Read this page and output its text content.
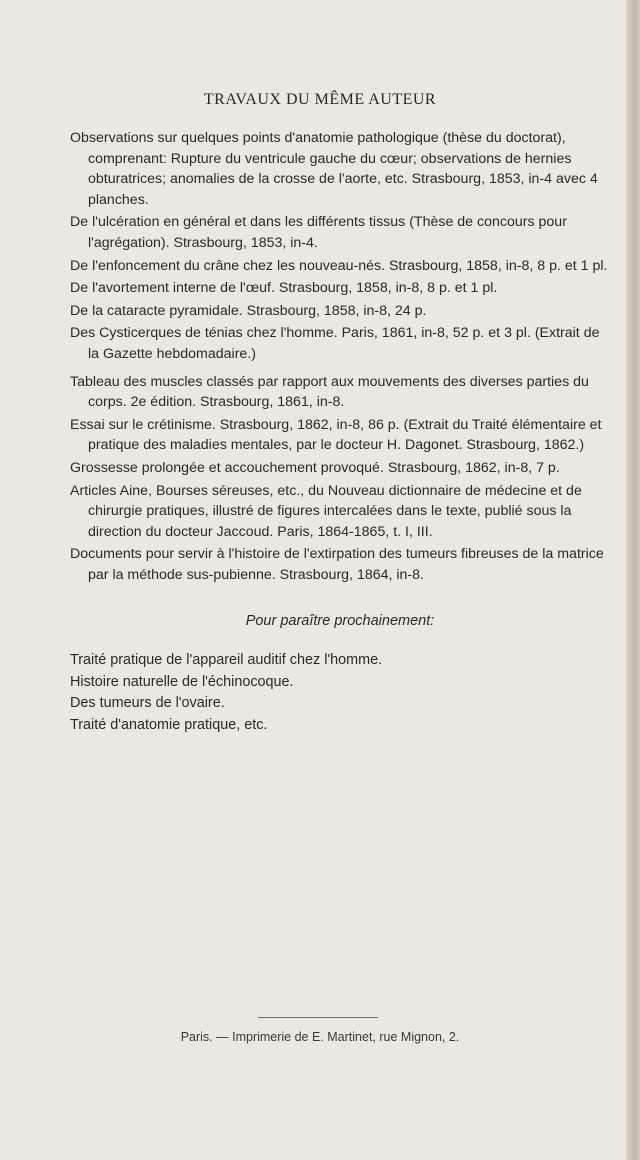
TRAVAUX DU MÊME AUTEUR
Observations sur quelques points d'anatomie pathologique (thèse du doctorat), comprenant: Rupture du ventricule gauche du cœur; observations de hernies obturatrices; anomalies de la crosse de l'aorte, etc. Strasbourg, 1853, in-4 avec 4 planches.
De l'ulcération en général et dans les différents tissus (Thèse de concours pour l'agrégation). Strasbourg, 1853, in-4.
De l'enfoncement du crâne chez les nouveau-nés. Strasbourg, 1858, in-8, 8 p. et 1 pl.
De l'avortement interne de l'œuf. Strasbourg, 1858, in-8, 8 p. et 1 pl.
De la cataracte pyramidale. Strasbourg, 1858, in-8, 24 p.
Des Cysticerques de ténias chez l'homme. Paris, 1861, in-8, 52 p. et 3 pl. (Extrait de la Gazette hebdomadaire.)
Tableau des muscles classés par rapport aux mouvements des diverses parties du corps. 2e édition. Strasbourg, 1861, in-8.
Essai sur le crétinisme. Strasbourg, 1862, in-8, 86 p. (Extrait du Traité élémentaire et pratique des maladies mentales, par le docteur H. Dagonet. Strasbourg, 1862.)
Grossesse prolongée et accouchement provoqué. Strasbourg, 1862, in-8, 7 p.
Articles Aine, Bourses séreuses, etc., du Nouveau dictionnaire de médecine et de chirurgie pratiques, illustré de figures intercalées dans le texte, publié sous la direction du docteur Jaccoud. Paris, 1864-1865, t. I, III.
Documents pour servir à l'histoire de l'extirpation des tumeurs fibreuses de la matrice par la méthode sus-pubienne. Strasbourg, 1864, in-8.
Pour paraître prochainement:
Traité pratique de l'appareil auditif chez l'homme.
Histoire naturelle de l'échinocoque.
Des tumeurs de l'ovaire.
Traité d'anatomie pratique, etc.
Paris. — Imprimerie de E. Martinet, rue Mignon, 2.
